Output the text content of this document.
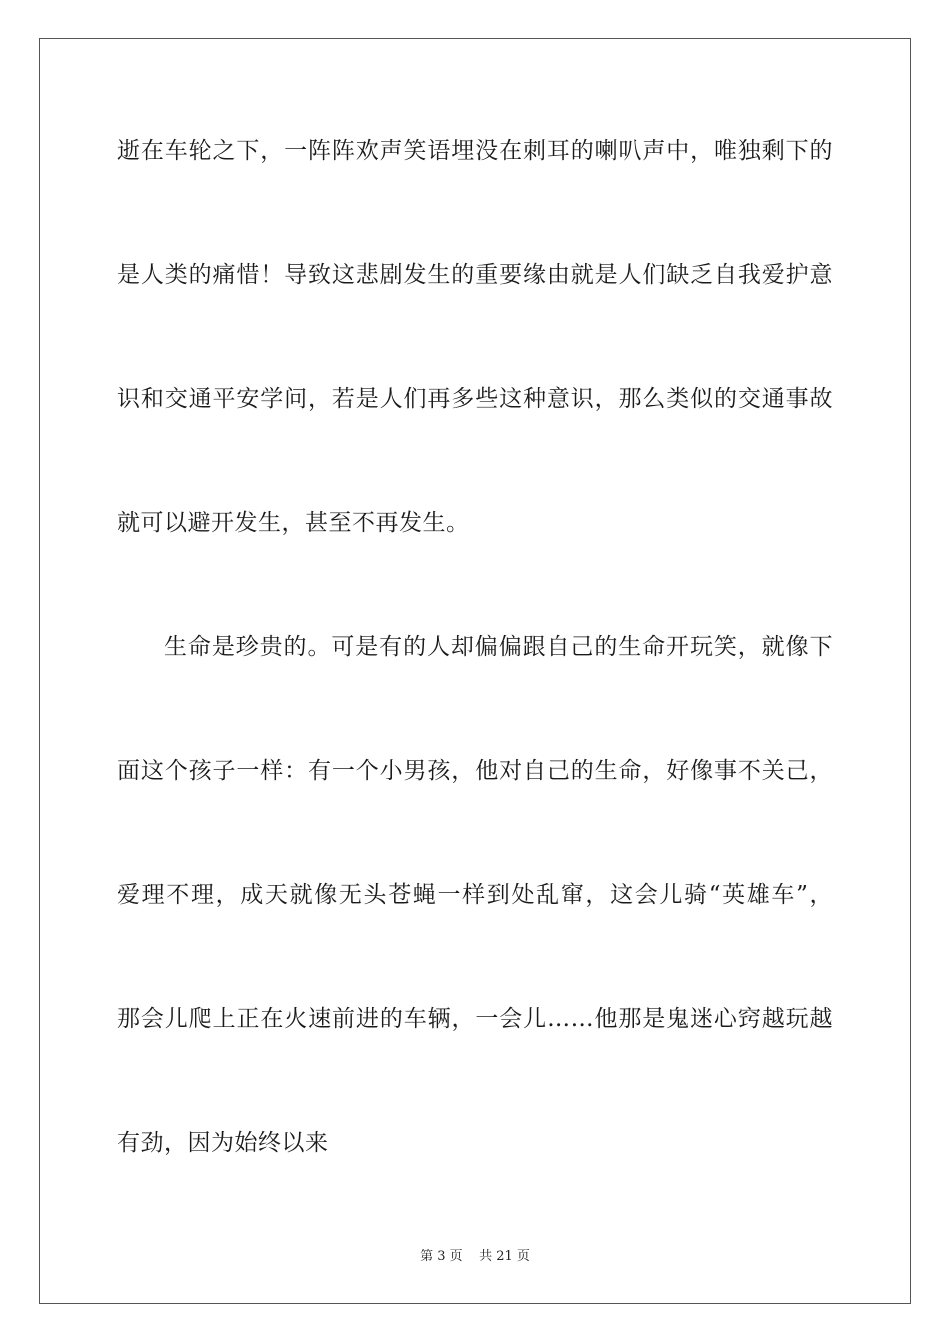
逝在车轮之下，一阵阵欢声笑语埋没在刺耳的喇叭声中，唯独剩下的
是人类的痛惜！导致这悲剧发生的重要缘由就是人们缺乏自我爱护意
识和交通平安学问，若是人们再多些这种意识，那么类似的交通事故
就可以避开发生，甚至不再发生。
生命是珍贵的。可是有的人却偏偏跟自己的生命开玩笑，就像下
面这个孩子一样：有一个小男孩，他对自己的生命，好像事不关己，
爱理不理，成天就像无头苍蝇一样到处乱窜，这会儿骑“英雄车”，
那会儿爬上正在火速前进的车辆，一会儿……他那是鬼迷心窍越玩越
有劲，因为始终以来
第 3 页    共 21 页
